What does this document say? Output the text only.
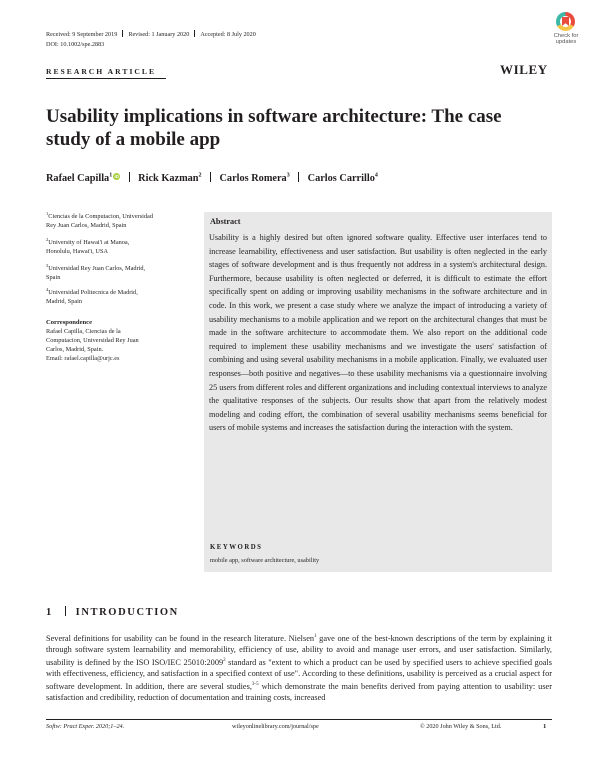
Received: 9 September 2019 Revised: 1 January 2020 Accepted: 8 July 2020
DOI: 10.1002/spe.2883
Check for
updates
RESEARCH ARTICLE	WILEY
Usability implications in software architecture: The case study of a mobile app
Rafael Capilla$^1$ iD Rick Kazman$^2$ Carlos Romera$^3$ Carlos Carrillo$^4$
$^1$Ciencias de la Computacion, Universidad
Rey Juan Carlos, Madrid, Spain
$^2$University of Hawai'i at Manoa,
Honolulu, Hawai'i, USA
$^3$Universidad Rey Juan Carlos, Madrid,
Spain
$^4$Universidad Politecnica de Madrid,
Madrid, Spain
Correspondence
Rafael Capilla, Ciencias de la
Computacion, Universidad Rey Juan
Carlos, Madrid, Spain.
Email: rafael.capilla@urjc.es
Abstract
Usability is a highly desired but often ignored software quality. Effective user interfaces tend to increase learnability, effectiveness and user satisfaction. But usability is often neglected in the early stages of software development and is thus frequently not address in a system's architectural design. Furthermore, because usability is often neglected or deferred, it is difficult to estimate the effort specifically spent on adding or improving usability mechanisms in the software architecture and in code. In this work, we present a case study where we analyze the impact of introducing a variety of usability mechanisms to a mobile application and we report on the architectural changes that must be made in the software architecture to accommodate them. We also report on the additional code required to implement these usability mechanisms and we investigate the users' satisfaction of combining and using several usability mechanisms in a mobile application. Finally, we evaluated user responses—both positive and negatives—to these usability mechanisms via a questionnaire involving 25 users from different roles and different organizations and including contextual interviews to analyze the qualitative responses of the subjects. Our results show that apart from the relatively modest modeling and coding effort, the combination of several usability mechanisms seems beneficial for users of mobile systems and increases the satisfaction during the interaction with the system.
KEYWORDS
mobile app, software architecture, usability
1 INTRODUCTION
Several definitions for usability can be found in the research literature. Nielsen$^1$ gave one of the best-known descriptions of the term by explaining it through software system learnability and memorability, efficiency of use, ability to avoid and manage user errors, and user satisfaction. Similarly, usability is defined by the ISO ISO/IEC 25010:2009$^2$ standard as "extent to which a product can be used by specified users to achieve specified goals with effectiveness, efficiency, and satisfaction in a specified context of use". According to these definitions, usability is perceived as a crucial aspect for software development. In addition, there are several studies,$^{3-5}$ which demonstrate the main benefits derived from paying attention to usability: user satisfaction and credibility, reduction of documentation and training costs, increased
Softw: Pract Exper. 2020;1–24.	wileyonlinelibrary.com/journal/spe	© 2020 John Wiley & Sons, Ltd.	1
